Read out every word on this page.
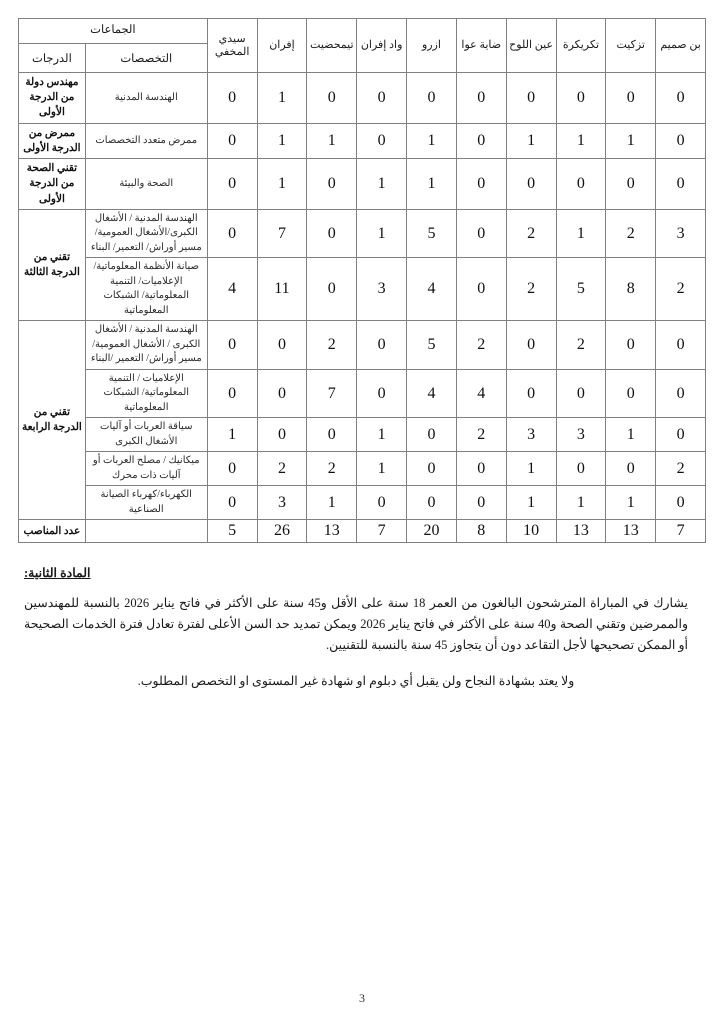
بن صميم	تزكيت	تكريكرة	عين اللوح	ضاية عوا	ازرو	واد إفران	تيمحضيت	إفران	سيدي المخفي	الجماعات	
										التخصصات	الدرجات
0	0	0	0	0	0	0	0	1	0	الهندسة المدنية	مهندس دولة من الدرجة الأولى
0	1	1	1	0	1	0	1	1	0	ممرض متعدد التخصصات	ممرض من الدرجة الأولى
0	0	0	0	0	1	1	0	1	0	الصحة والبيئة	تقني الصحة من الدرجة الأولى
3	2	1	2	0	5	1	0	7	0	الهندسة المدنية / الأشغال الكبرى/الأشغال العمومية/ مسير أوراش/ التعمير/ البناء	تقني من الدرجة الثالثة
2	8	5	2	0	4	3	0	11	4	صيانة الأنظمة المعلوماتية/ الإعلاميات/ التنمية المعلوماتية/ الشبكات المعلوماتية	
0	0	2	0	2	5	0	2	0	0	الهندسة المدنية / الأشغال الكبرى / الأشغال العمومية/ مسير أوراش/ التعمير /البناء	تقني من الدرجة الرابعة
0	0	0	0	4	4	0	7	0	0	الإعلاميات / التنمية المعلوماتية/ الشبكات المعلوماتية	
0	1	3	3	2	0	1	0	0	1	سياقة العربات أو آليات الأشغال الكبرى	
2	0	0	1	0	0	1	2	2	0	ميكانيك / مصلح العربات أو آليات ذات محرك	
0	1	1	1	0	0	0	1	3	0	الكهرباء/كهرباء الصيانة الصناعية	
7	13	13	10	8	20	7	13	26	5		عدد المناصب
المادة الثانية:

يشارك في المباراة المترشحون البالغون من العمر 18 سنة على الأقل و45 سنة على الأكثر في فاتح يناير 2026 بالنسبة للمهندسين والممرضين وتقني الصحة و40 سنة على الأكثر في فاتح يناير 2026 ويمكن تمديد حد السن الأعلى لفترة تعادل فترة الخدمات الصحيحة أو الممكن تصحيحها لأجل التقاعد دون أن يتجاوز 45 سنة بالنسبة للتقنيين.

ولا يعتد بشهادة النجاح ولن يقبل أي دبلوم او شهادة غير المستوى او التخصص المطلوب.

3
